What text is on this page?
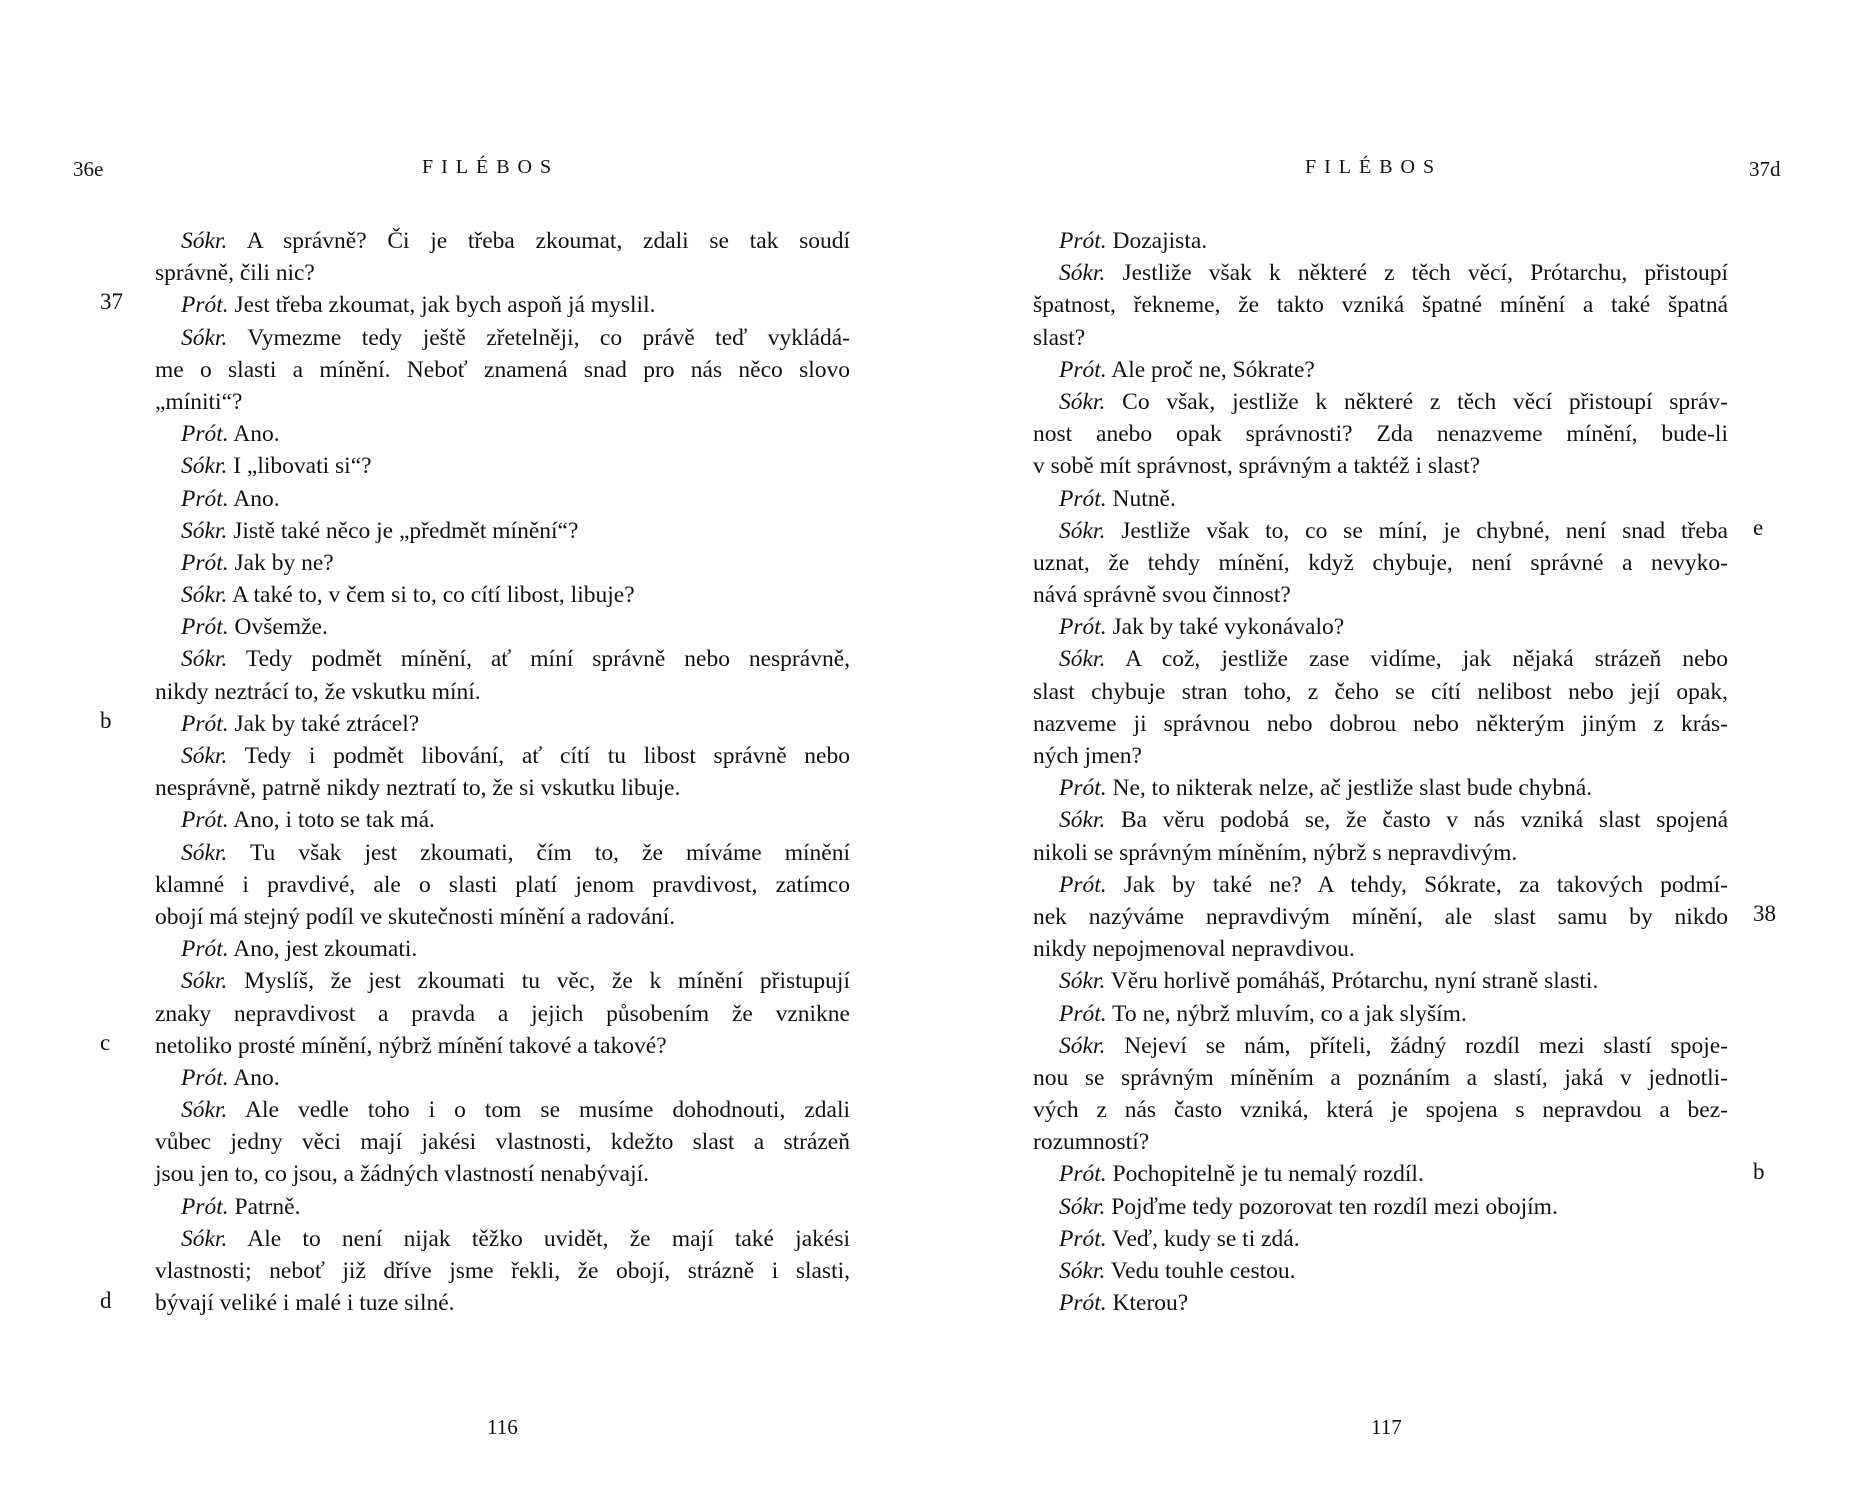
36e	FILÉBOS
Sókr. A správně? Či je třeba zkoumat, zdali se tak soudí
správně, čili nic?
Prót. Jest třeba zkoumat, jak bych aspoň já myslil.
Sókr. Vymezme tedy ještě zřetelněji, co právě teď vykládá-
me o slasti a mínění. Neboť znamená snad pro nás něco slovo
„míniti“?
Prót. Ano.
Sókr. I „libovati si“?
Prót. Ano.
Sókr. Jistě také něco je „předmět mínění“?
Prót. Jak by ne?
Sókr. A také to, v čem si to, co cítí libost, libuje?
Prót. Ovšemže.
Sókr. Tedy podmět mínění, ať míní správně nebo nesprávně,
nikdy neztrácí to, že vskutku míní.
Prót. Jak by také ztrácel?
Sókr. Tedy i podmět libování, ať cítí tu libost správně nebo
nesprávně, patrně nikdy neztratí to, že si vskutku libuje.
Prót. Ano, i toto se tak má.
Sókr. Tu však jest zkoumati, čím to, že míváme mínění
klamné i pravdivé, ale o slasti platí jenom pravdivost, zatímco
obojí má stejný podíl ve skutečnosti mínění a radování.
Prót. Ano, jest zkoumati.
Sókr. Myslíš, že jest zkoumati tu věc, že k mínění přistupují
znaky nepravdivost a pravda a jejich působením že vznikne
netoliko prosté mínění, nýbrž mínění takové a takové?
Prót. Ano.
Sókr. Ale vedle toho i o tom se musíme dohodnouti, zdali
vůbec jedny věci mají jakési vlastnosti, kdežto slast a strázeň
jsou jen to, co jsou, a žádných vlastností nenabývají.
Prót. Patrně.
Sókr. Ale to není nijak těžko uvidět, že mají také jakési
vlastnosti; neboť již dříve jsme řekli, že obojí, strázně i slasti,
bývají veliké i malé i tuze silné.
116
37
b
c
d
FILÉBOS	37d
Prót. Dozajista.
Sókr. Jestliže však k některé z těch věcí, Prótarchu, přistoupí
špatnost, řekneme, že takto vzniká špatné mínění a také špatná
slast?
Prót. Ale proč ne, Sókrate?
Sókr. Co však, jestliže k některé z těch věcí přistoupí správ-
nost anebo opak správnosti? Zda nenazveme mínění, bude-li
v sobě mít správnost, správným a taktéž i slast?
Prót. Nutně.
Sókr. Jestliže však to, co se míní, je chybné, není snad třeba
uznat, že tehdy mínění, když chybuje, není správné a nevyko-
nává správně svou činnost?
Prót. Jak by také vykonávalo?
Sókr. A což, jestliže zase vidíme, jak nějaká strázeň nebo
slast chybuje stran toho, z čeho se cítí nelibost nebo její opak,
nazveme ji správnou nebo dobrou nebo některým jiným z krás-
ných jmen?
Prót. Ne, to nikterak nelze, ač jestliže slast bude chybná.
Sókr. Ba věru podobá se, že často v nás vzniká slast spojená
nikoli se správným míněním, nýbrž s nepravdivým.
Prót. Jak by také ne? A tehdy, Sókrate, za takových podmí-
nek nazýváme nepravdivým mínění, ale slast samu by nikdo
nikdy nepojmenoval nepravdivou.
Sókr. Věru horlivě pomáháš, Prótarchu, nyní straně slasti.
Prót. To ne, nýbrž mluvím, co a jak slyším.
Sókr. Nejeví se nám, příteli, žádný rozdíl mezi slastí spoje-
nou se správným míněním a poznáním a slastí, jaká v jednotli-
vých z nás často vzniká, která je spojena s nepravdou a bez-
rozumností?
Prót. Pochopitelně je tu nemalý rozdíl.
Sókr. Pojďme tedy pozorovat ten rozdíl mezi obojím.
Prót. Veď, kudy se ti zdá.
Sókr. Vedu touhle cestou.
Prót. Kterou?
117
e
38
b
